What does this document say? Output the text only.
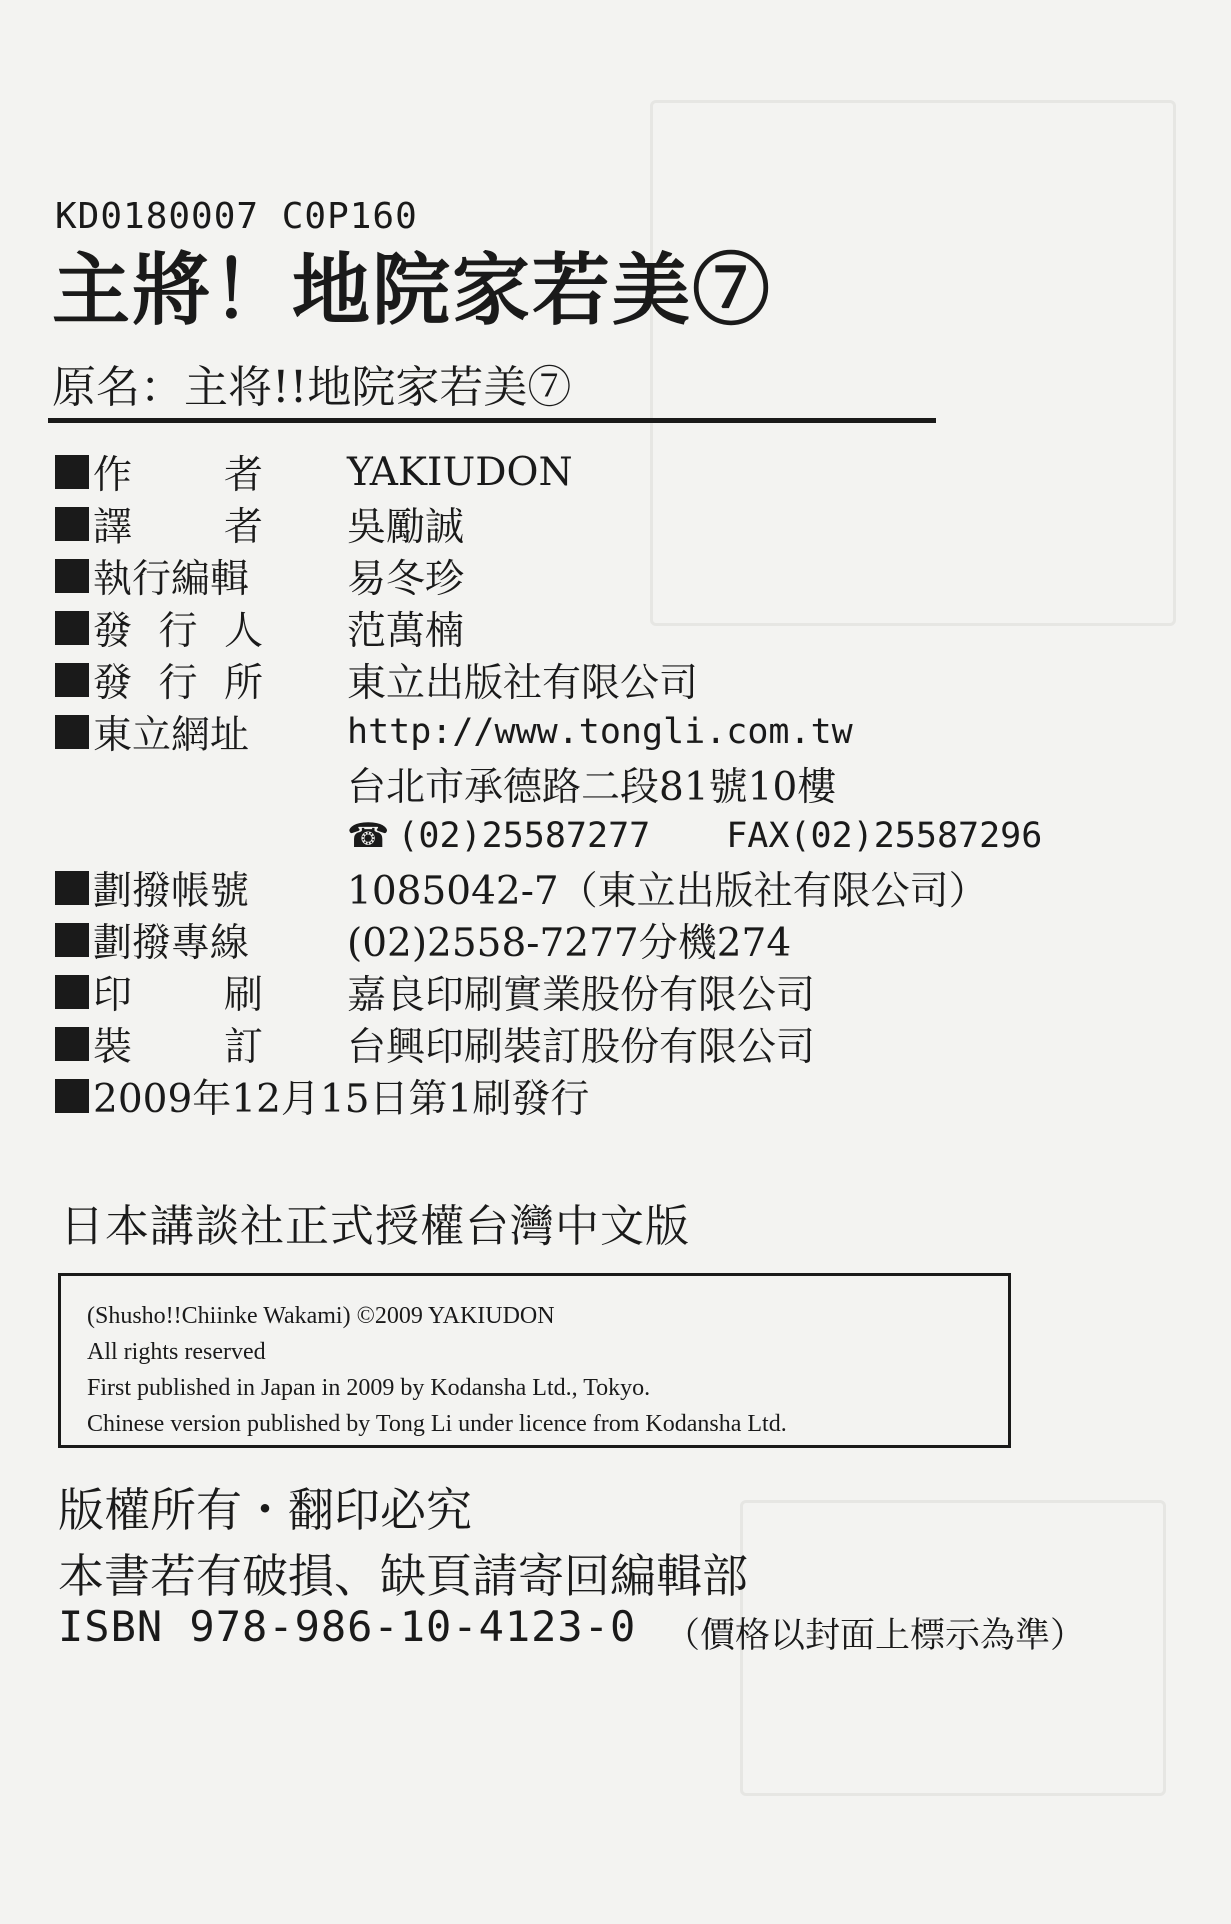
KD0180007 C0P160
主將！地院家若美⑦
原名：主将!!地院家若美⑦
作 者 YAKIUDON
譯 者 吳勵誠
執行編輯	易冬珍
發 行 人 范萬楠
發 行 所 東立出版社有限公司
東立網址	http://www.tongli.com.tw
台北市承德路二段81號10樓
☎ (02)25587277 FAX(02)25587296
劃撥帳號	1085042-7（東立出版社有限公司）
劃撥專線	(02)2558-7277分機274
印 刷 嘉良印刷實業股份有限公司
裝 訂 台興印刷裝訂股份有限公司
2009年12月15日第1刷發行
日本講談社正式授權台灣中文版
(Shusho!!Chiinke Wakami) ©2009 YAKIUDON
All rights reserved
First published in Japan in 2009 by Kodansha Ltd., Tokyo.
Chinese version published by Tong Li under licence from Kodansha Ltd.
版權所有・翻印必究
本書若有破損、缺頁請寄回編輯部
ISBN 978-986-10-4123-0 （價格以封面上標示為準）
